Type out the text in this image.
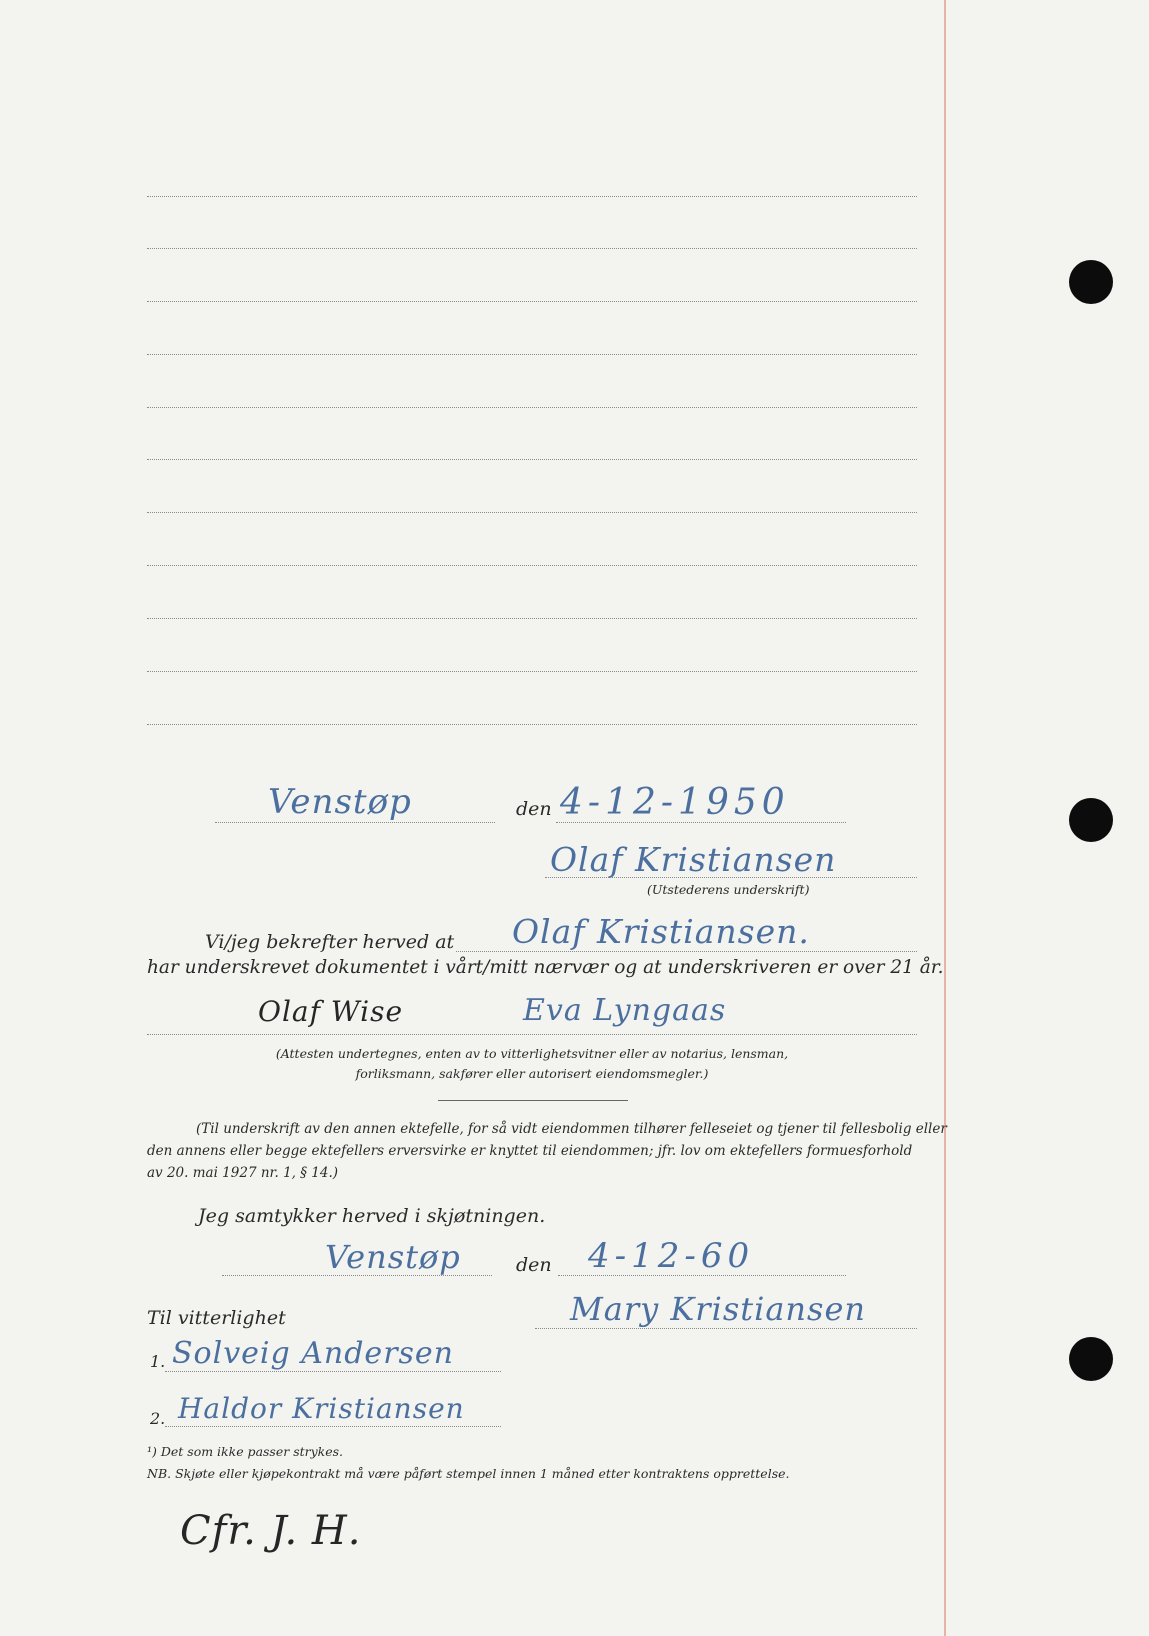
Venstøp	den 4-12-1950
Olaf Kristiansen
(Utstederens underskrift)
Vi/jeg bekrefter herved at Olaf Kristiansen.
har underskrevet dokumentet i vårt/mitt nærvær og at underskriveren er over 21 år.
Olaf Wise	Eva Lyngaas
(Attesten undertegnes, enten av to vitterlighetsvitner eller av notarius, lensman,
forliksmann, sakfører eller autorisert eiendomsmegler.)
(Til underskrift av den annen ektefelle, for så vidt eiendommen tilhører felleseiet og tjener til fellesbolig eller
den annens eller begge ektefellers erversvirke er knyttet til eiendommen; jfr. lov om ektefellers formuesforhold
av 20. mai 1927 nr. 1, § 14.)
Jeg samtykker herved i skjøtningen.
Venstøp	den 4-12-60
Til vitterlighet	Mary Kristiansen
1. Solveig Andersen
2. Haldor Kristiansen
¹) Det som ikke passer strykes.
NB. Skjøte eller kjøpekontrakt må være påført stempel innen 1 måned etter kontraktens opprettelse.
Cfr. J. H.
